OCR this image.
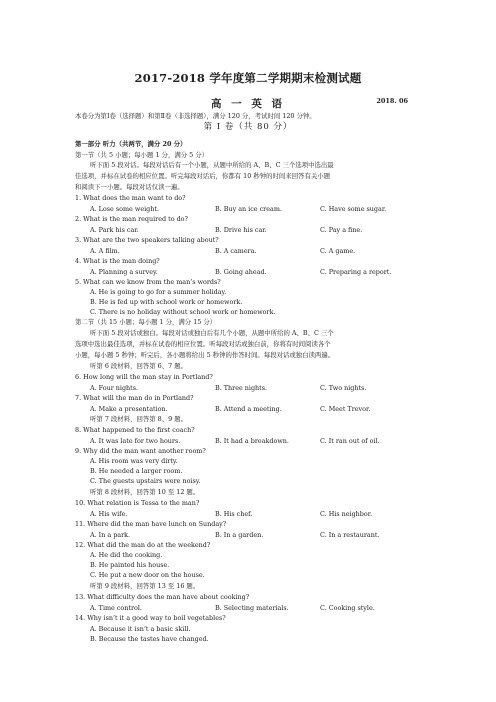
2017-2018 学年度第二学期期末检测试题
高 一 英 语	2018. 06
本卷分为第Ⅰ卷（选择题）和第Ⅱ卷（非选择题），满分 120 分，考试时间 120 分钟。
第 Ⅰ 卷（共 80 分）
第一部分 听力（共两节，满分 20 分）
第一节（共 5 小题；每小题 1 分，满分 5 分）
听下面 5 段对话。每段对话后有一个小题，从题中所给的 A、B、C 三个选项中选出最
佳选项，并标在试卷的相应位置。听完每段对话后，你都有 10 秒钟的时间来回答有关小题
和阅读下一小题。每段对话仅读一遍。
1. What does the man want to do?
A. Lose some weight.	B. Buy an ice cream.	C. Have some sugar.
2. What is the man required to do?
A. Park his car.	B. Drive his car.	C. Pay a fine.
3. What are the two speakers talking about?
A. A film.	B. A camera.	C. A game.
4. What is the man doing?
A. Planning a survey.	B. Going ahead.	C. Preparing a report.
5. What can we know from the man’s words?
A. He is going to go for a summer holiday.
B. He is fed up with school work or homework.
C. There is no holiday without school work or homework.
第二节（共 15 小题；每小题 1 分，满分 15 分）
听下面 5 段对话或独白。每段对话或独白后有几个小题，从题中所给的 A、B、C 三个
选项中选出最佳选项，并标在试卷的相应位置。听每段对话或独白前，你将有时间阅读各个
小题，每小题 5 秒钟；听完后，各小题将给出 5 秒钟的作答时间。每段对话或独白读两遍。
听第 6 段材料，回答第 6、7 题。
6. How long will the man stay in Portland?
A. Four nights.	B. Three nights.	C. Two nights.
7. What will the man do in Portland?
A. Make a presentation.	B. Attend a meeting.	C. Meet Trevor.
听第 7 段材料，回答第 8、9 题。
8. What happened to the first coach?
A. It was late for two hours.	B. It had a breakdown.	C. It ran out of oil.
9. Why did the man want another room?
A. His room was very dirty.
B. He needed a larger room.
C. The guests upstairs were noisy.
听第 8 段材料，回答第 10 至 12 题。
10. What relation is Tessa to the man?
A. His wife.	B. His chef.	C. His neighbor.
11. Where did the man have lunch on Sunday?
A. In a park.	B. In a garden.	C. In a restaurant.
12. What did the man do at the weekend?
A. He did the cooking.
B. He painted his house.
C. He put a new door on the house.
听第 9 段材料，回答第 13 至 16 题。
13. What difficulty does the man have about cooking?
A. Time control.	B. Selecting materials.	C. Cooking style.
14. Why isn’t it a good way to boil vegetables?
A. Because it isn’t a basic skill.
B. Because the tastes have changed.
